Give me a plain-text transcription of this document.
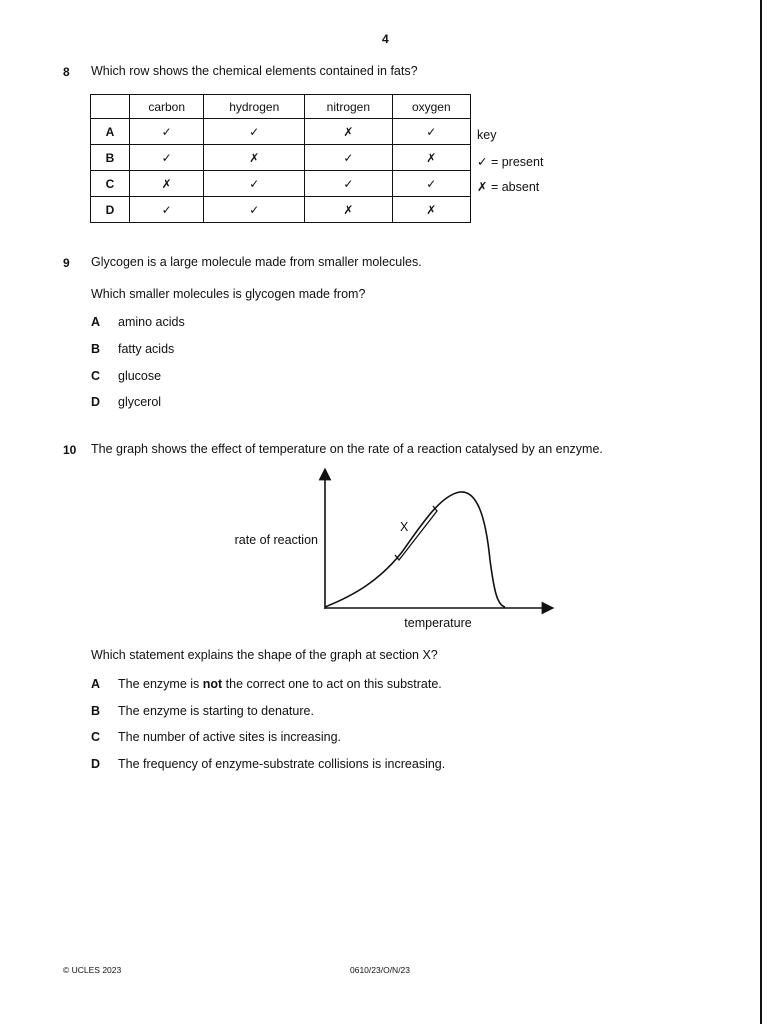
4
8 Which row shows the chemical elements contained in fats?
	carbon	hydrogen	nitrogen	oxygen
A	✓	✓	✗	✓
B	✓	✗	✓	✗
C	✗	✓	✓	✓
D	✓	✓	✗	✗
key
✓ = present
✗ = absent
9 Glycogen is a large molecule made from smaller molecules.
Which smaller molecules is glycogen made from?
A amino acids
B fatty acids
C glucose
D glycerol
10 The graph shows the effect of temperature on the rate of a reaction catalysed by an enzyme.
X
rate of reaction
temperature
Which statement explains the shape of the graph at section X?
A The enzyme is not the correct one to act on this substrate.
B The enzyme is starting to denature.
C The number of active sites is increasing.
D The frequency of enzyme-substrate collisions is increasing.
© UCLES 2023	0610/23/O/N/23
